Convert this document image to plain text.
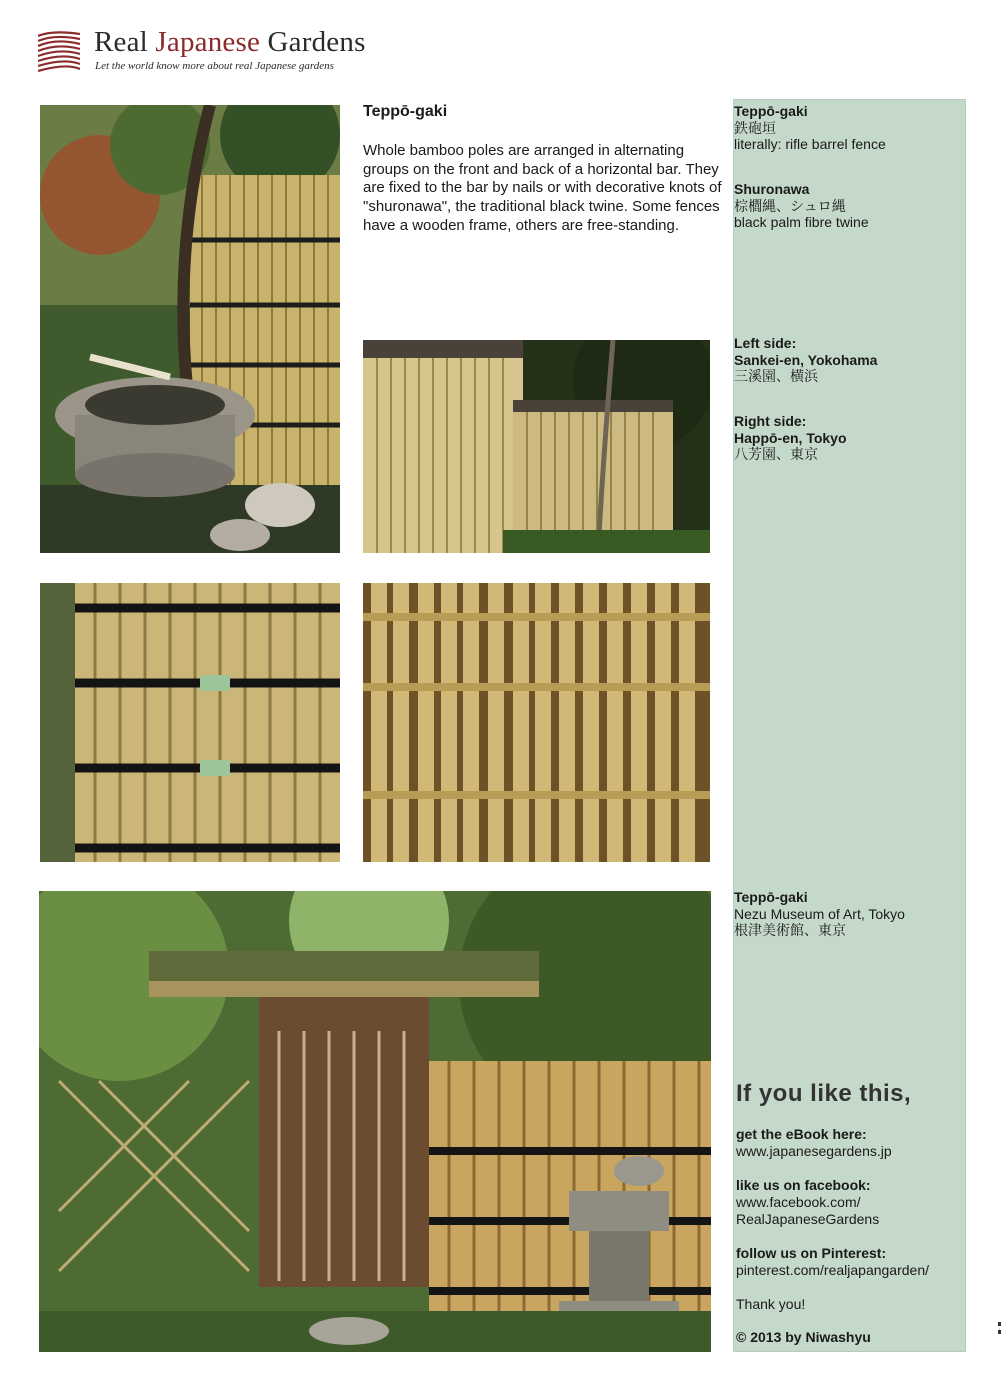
Real Japanese Gardens
Let the world know more about real Japanese gardens
Teppō-gaki
Whole bamboo poles are arranged in alternating groups on the front and back of a horizontal bar. They are fixed to the bar by nails or with decorative knots of "shuronawa", the traditional black twine. Some fences have a wooden frame, others are free-standing.
Teppō-gaki
鉄砲垣
literally: rifle barrel fence
Shuronawa
棕櫚縄、シュロ縄
black palm fibre twine
Left side:
Sankei-en, Yokohama
三溪園、横浜
Right side:
Happō-en, Tokyo
八芳園、東京
Teppō-gaki
Nezu Museum of Art, Tokyo
根津美術館、東京
If you like this,
get the eBook here:
www.japanesegardens.jp
like us on facebook:
www.facebook.com/
RealJapaneseGardens
follow us on Pinterest:
pinterest.com/realjapangarden/
Thank you!
© 2013 by Niwashyu
